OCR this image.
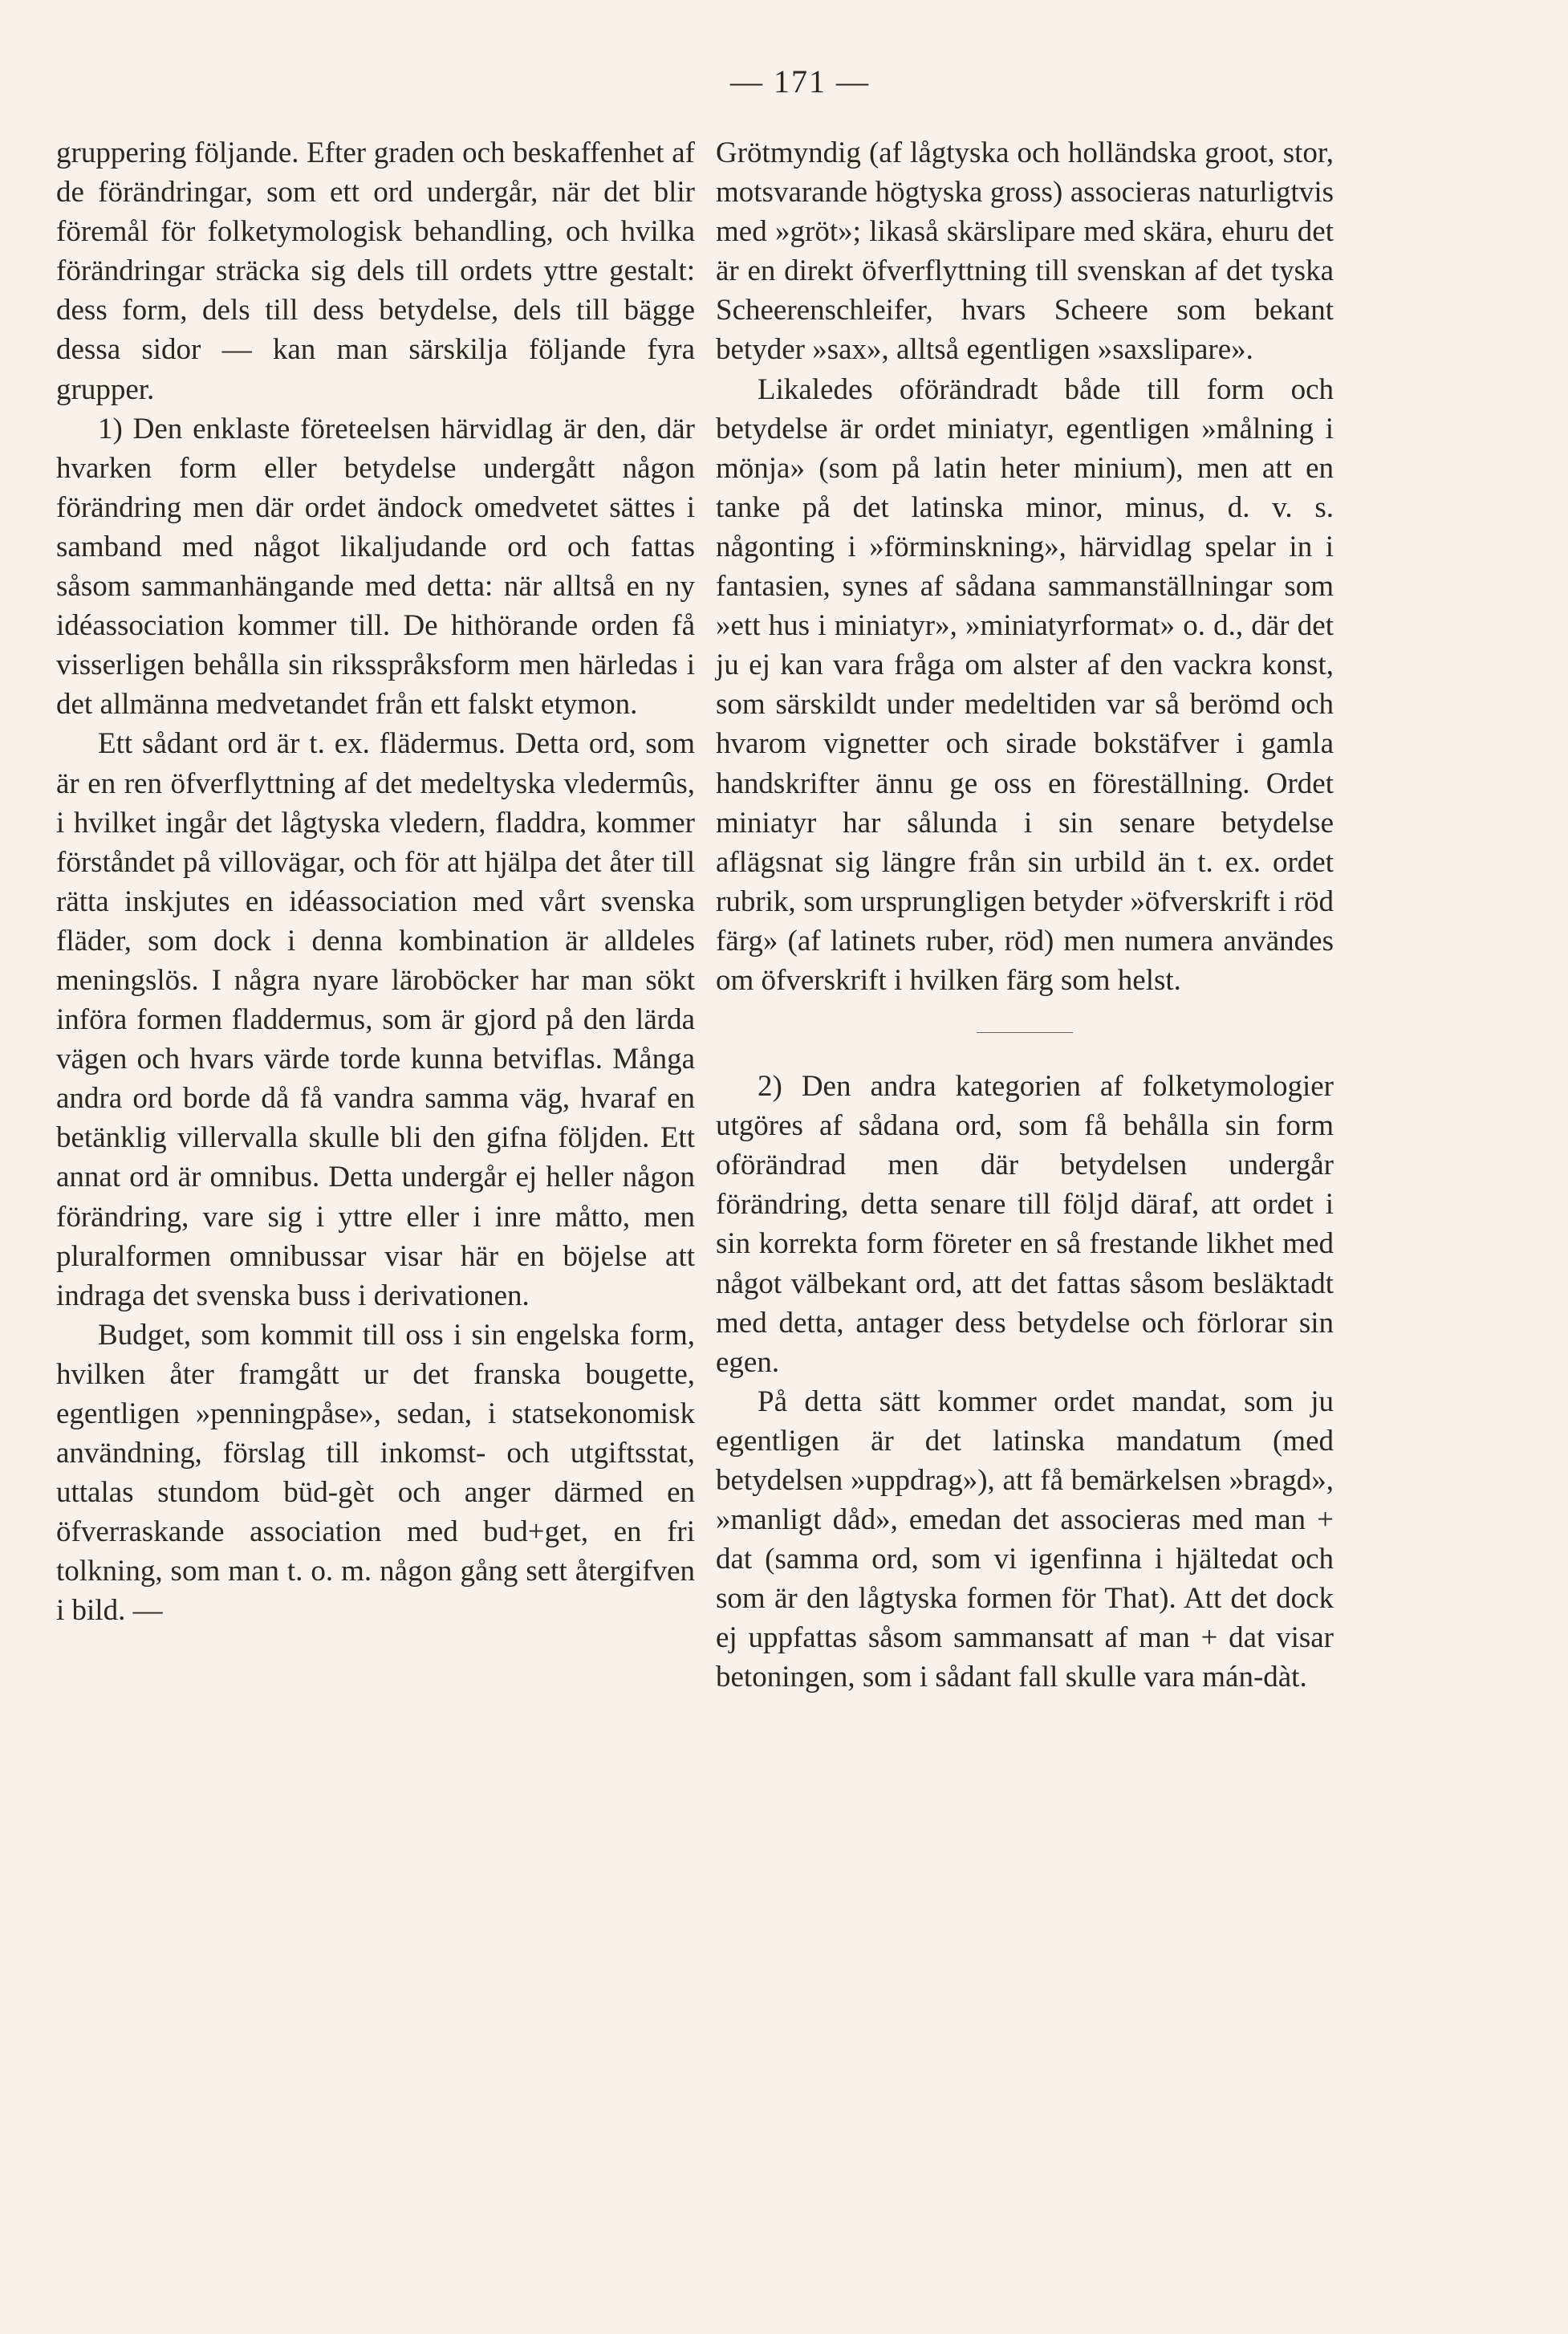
— 171 —

gruppering följande. Efter graden och beskaffenhet af de förändringar, som ett ord undergår, när det blir föremål för folketymologisk behandling, och hvilka förändringar sträcka sig dels till ordets yttre gestalt: dess form, dels till dess betydelse, dels till bägge dessa sidor — kan man särskilja följande fyra grupper.

1) Den enklaste företeelsen härvidlag är den, där hvarken form eller betydelse undergått någon förändring men där ordet ändock omedvetet sättes i samband med något likaljudande ord och fattas såsom sammanhängande med detta: när alltså en ny idéassociation kommer till. De hithörande orden få visserligen behålla sin riksspråksform men härledas i det allmänna medvetandet från ett falskt etymon.

Ett sådant ord är t. ex. flädermus. Detta ord, som är en ren öfverflyttning af det medeltyska vledermûs, i hvilket ingår det lågtyska vledern, fladdra, kommer förståndet på villovägar, och för att hjälpa det åter till rätta inskjutes en idéassociation med vårt svenska fläder, som dock i denna kombination är alldeles meningslös. I några nyare läroböcker har man sökt införa formen fladdermus, som är gjord på den lärda vägen och hvars värde torde kunna betviflas. Många andra ord borde då få vandra samma väg, hvaraf en betänklig villervalla skulle bli den gifna följden. Ett annat ord är omnibus. Detta undergår ej heller någon förändring, vare sig i yttre eller i inre måtto, men pluralformen omnibussar visar här en böjelse att indraga det svenska buss i derivationen.

Budget, som kommit till oss i sin engelska form, hvilken åter framgått ur det franska bougette, egentligen »penningpåse», sedan, i statsekonomisk användning, förslag till inkomst- och utgiftsstat, uttalas stundom büd-gèt och anger därmed en öfverraskande association med bud+get, en fri tolkning, som man t. o. m. någon gång sett återgifven i bild. —

Grötmyndig (af lågtyska och holländska groot, stor, motsvarande högtyska gross) associeras naturligtvis med »gröt»; likaså skärslipare med skära, ehuru det är en direkt öfverflyttning till svenskan af det tyska Scheerenschleifer, hvars Scheere som bekant betyder »sax», alltså egentligen »saxslipare».

Likaledes oförändradt både till form och betydelse är ordet miniatyr, egentligen »målning i mönja» (som på latin heter minium), men att en tanke på det latinska minor, minus, d. v. s. någonting i »förminskning», härvidlag spelar in i fantasien, synes af sådana sammanställningar som »ett hus i miniatyr», »miniatyrformat» o. d., där det ju ej kan vara fråga om alster af den vackra konst, som särskildt under medeltiden var så berömd och hvarom vignetter och sirade bokstäfver i gamla handskrifter ännu ge oss en föreställning. Ordet miniatyr har sålunda i sin senare betydelse aflägsnat sig längre från sin urbild än t. ex. ordet rubrik, som ursprungligen betyder »öfverskrift i röd färg» (af latinets ruber, röd) men numera användes om öfverskrift i hvilken färg som helst.

2) Den andra kategorien af folketymologier utgöres af sådana ord, som få behålla sin form oförändrad men där betydelsen undergår förändring, detta senare till följd däraf, att ordet i sin korrekta form företer en så frestande likhet med något välbekant ord, att det fattas såsom besläktadt med detta, antager dess betydelse och förlorar sin egen.

På detta sätt kommer ordet mandat, som ju egentligen är det latinska mandatum (med betydelsen »uppdrag»), att få bemärkelsen »bragd», »manligt dåd», emedan det associeras med man + dat (samma ord, som vi igenfinna i hjältedat och som är den lågtyska formen för That). Att det dock ej uppfattas såsom sammansatt af man + dat visar betoningen, som i sådant fall skulle vara mán-dàt.
